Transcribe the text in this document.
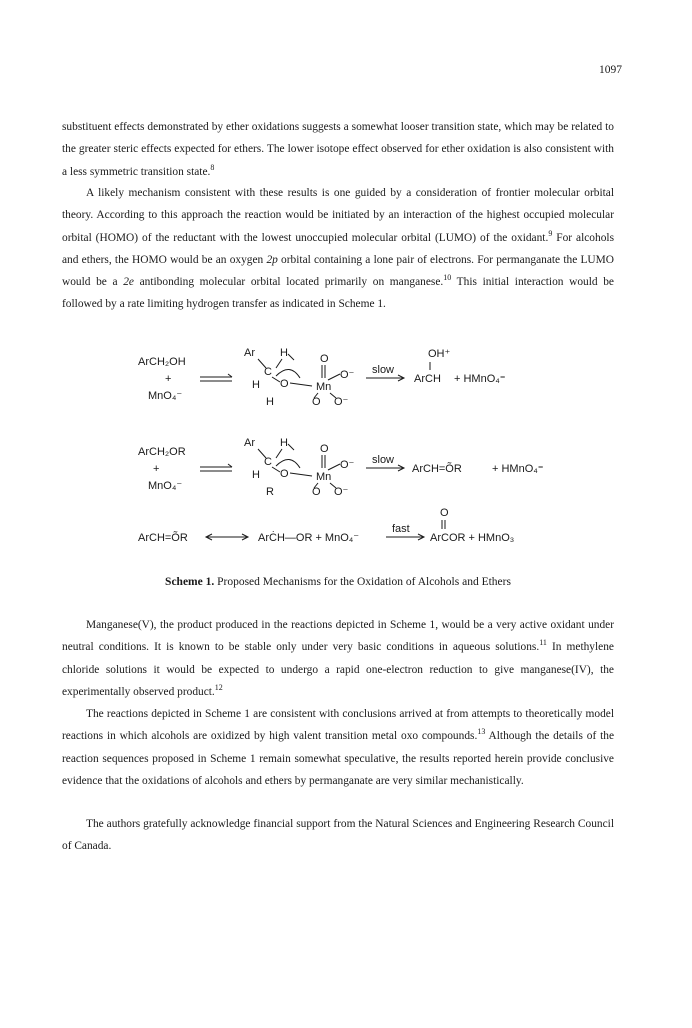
1097

substituent effects demonstrated by ether oxidations suggests a somewhat looser transition state, which may be related to the greater steric effects expected for ethers. The lower isotope effect observed for ether oxidation is also consistent with a less symmetric transition state.$^8$

A likely mechanism consistent with these results is one guided by a consideration of frontier molecular orbital theory. According to this approach the reaction would be initiated by an interaction of the highest occupied molecular orbital (HOMO) of the reductant with the lowest unoccupied molecular orbital (LUMO) of the oxidant.$^9$ For alcohols and ethers, the HOMO would be an oxygen 2p orbital containing a lone pair of electrons. For permanganate the LUMO would be a 2e antibonding molecular orbital located primarily on manganese.$^{10}$ This initial interaction would be followed by a rate limiting hydrogen transfer as indicated in Scheme 1.

ArCH₂OH
+
MnO₄⁻
Ar H
C
H O Mn
O
O⁻
O O⁻
H
slow
OH⁺
ArCH + HMnO₄⁼
ArCH₂OR
+
MnO₄⁻
Ar H
C
H O Mn
O
O⁻
O O⁻
R
slow
ArCH=ÕR	+ HMnO₄⁼
ArCH=ÕR	ArĊH—OR + MnO₄⁻
fast
O
ArCOR + HMnO₃
Scheme 1. Proposed Mechanisms for the Oxidation of Alcohols and Ethers

Manganese(V), the product produced in the reactions depicted in Scheme 1, would be a very active oxidant under neutral conditions. It is known to be stable only under very basic conditions in aqueous solutions.$^{11}$ In methylene chloride solutions it would be expected to undergo a rapid one-electron reduction to give manganese(IV), the experimentally observed product.$^{12}$

The reactions depicted in Scheme 1 are consistent with conclusions arrived at from attempts to theoretically model reactions in which alcohols are oxidized by high valent transition metal oxo compounds.$^{13}$ Although the details of the reaction sequences proposed in Scheme 1 remain somewhat speculative, the results reported herein provide conclusive evidence that the oxidations of alcohols and ethers by permanganate are very similar mechanistically.

The authors gratefully acknowledge financial support from the Natural Sciences and Engineering Research Council of Canada.
